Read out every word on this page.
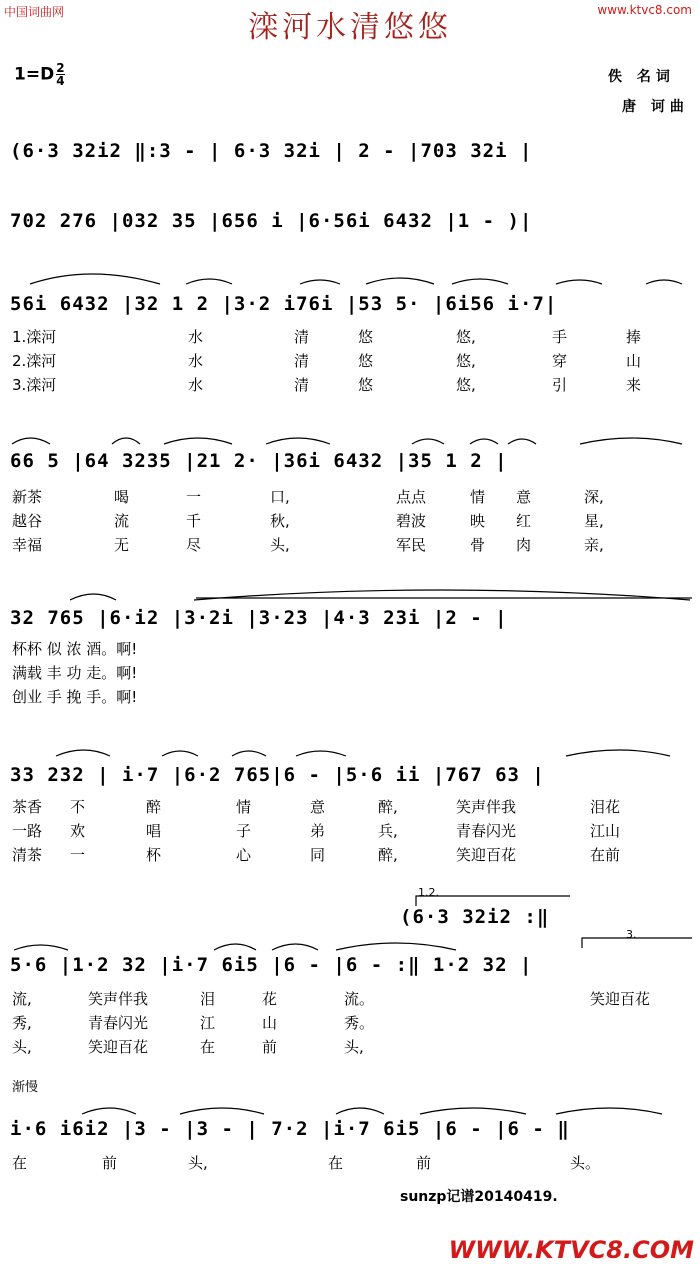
中国词曲网	www.ktvc8.com
滦河水清悠悠
$1=D \frac{2}{4}$	佚 名词
唐 诃曲
(6·3 32i2 ‖:3 - | 6·3 32i | 2 - |703 32i |
702 276 |032 35 |656 i |6·56i 6432 |1 - )|
56i 6432 |32 1 2 |3·2 i76i |53 5· |6i56 i·7|
1.滦河	水	清	悠	悠,	手	捧
2.滦河	水	清	悠	悠,	穿	山
3.滦河	水	清	悠	悠,	引	来
66 5 |64 3235 |21 2· |36i 6432 |35 1 2 |
新茶	喝	一	口,	点点	情 意	深,
越谷	流	千	秋,	碧波	映 红	星,
幸福	无	尽	头,	军民	骨 肉	亲,
32 765 |6·i2 |3·2i |3·23 |4·3 23i |2 - |
杯杯 似 浓 酒。啊!
满载 丰 功 走。啊!
创业 手 挽 手。啊!
33 232 | i·7 |6·2 765|6 - |5·6 ii |767 63 |
茶香 不	醉	情	意	醉,	笑声伴我	泪花
一路 欢	唱	子	弟	兵,	青春闪光	江山
清茶 一	杯	心	同	醉,	笑迎百花	在前
1.2.
(6·3 32i2 :‖
3.
5·6 |1·2 32 |i·7 6i5 |6 - |6 - :‖ 1·2 32 |
流,	笑声伴我	泪	花	流。	笑迎百花
秀,	青春闪光	江	山	秀。
头,	笑迎百花	在	前	头,
渐慢
i·6 i6i2 |3 - |3 - | 7·2 |i·7 6i5 |6 - |6 - ‖
在	前	头,	在	前	头。
sunzp记谱20140419.
WWW.KTVC8.COM
